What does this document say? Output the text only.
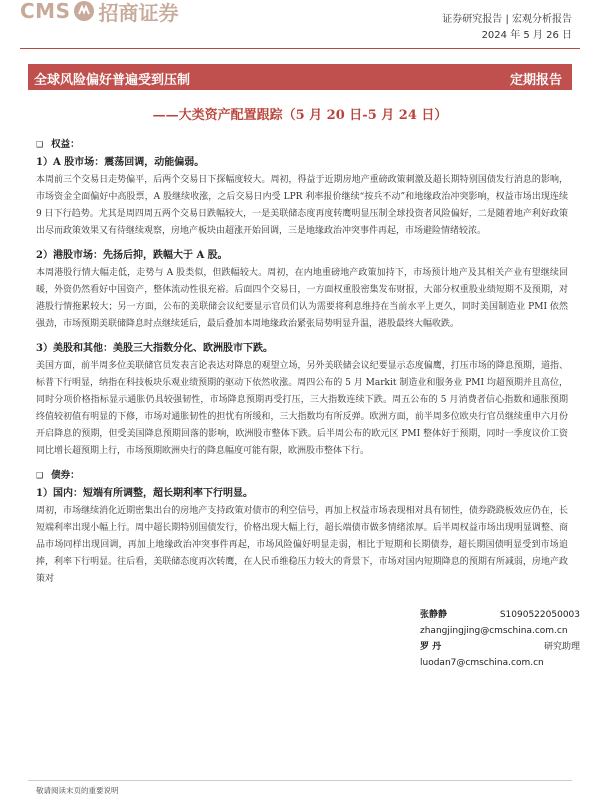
CMS 招商证券	证券研究报告 | 宏观分析报告
2024 年 5 月 26 日
全球风险偏好普遍受到压制	定期报告
——大类资产配置跟踪（5 月 20 日-5 月 24 日）
❑ 权益：
1）A 股市场：震荡回调，动能偏弱。

本周前三个交易日走势偏平，后两个交易日下探幅度较大。周初，得益于近期房地产重磅政策刺激及超长期特别国债发行消息的影响，市场资金全面偏好中高股票，A 股继续收涨，之后交易日内受 LPR 利率报价继续“按兵不动”和地缘政治冲突影响，权益市场出现连续 9 日下行趋势。尤其是周四周五两个交易日跌幅较大，一是美联储态度再度转鹰明显压制全球投资者风险偏好，二是随着地产利好政策出尽而政策效果又有待继续观察，房地产板块由超涨开始回调，三是地缘政治冲突事件再起，市场避险情绪较浓。

2）港股市场：先扬后抑，跌幅大于 A 股。

本周港股行情大幅走低，走势与 A 股类似，但跌幅较大。周初，在内地重磅地产政策加持下，市场预计地产及其相关产业有望继续回暖，外资仍然看好中国资产，整体流动性很充裕。后面四个交易日，一方面权重股密集发布财报，大部分权重股业绩短期不及预期，对港股行情拖累较大；另一方面，公布的美联储会议纪要显示官员们认为需要将利息维持在当前水平上更久，同时美国制造业 PMI 依然强劲，市场预期美联储降息时点继续延后，最后叠加本周地缘政治紧张局势明显升温，港股最终大幅收跌。

3）美股和其他：美股三大指数分化、欧洲股市下跌。

美国方面，前半周多位美联储官员发表言论表达对降息的观望立场，另外美联储会议纪要显示态度偏鹰，打压市场的降息预期，道指、标普下行明显，纳指在科技板块乐观业绩预期的驱动下依然收涨。周四公布的 5 月 Markit 制造业和服务业 PMI 均超预期并且高位，同时分项价格指标显示通胀仍具较强韧性，市场降息预期再受打压，三大指数连续下跌。周五公布的 5 月消费者信心指数和通胀预期终值较初值有明显的下修，市场对通胀韧性的担忧有所缓和，三大指数均有所反弹。欧洲方面，前半周多位欧央行官员继续重申六月份开启降息的预期，但受美国降息预期回落的影响，欧洲股市整体下跌。后半周公布的欧元区 PMI 整体好于预期，同时一季度议价工资同比增长超预期上行，市场预期欧洲央行的降息幅度可能有限，欧洲股市整体下行。

❑ 债券：
1）国内：短端有所调整，超长期利率下行明显。

周初，市场继续消化近期密集出台的房地产支持政策对债市的利空信号，再加上权益市场表现相对具有韧性，债券跷跷板效应仍在，长短端利率出现小幅上行。周中超长期特别国债发行，价格出现大幅上行，超长端债市做多情绪浓厚。后半周权益市场出现明显调整、商品市场同样出现回调，再加上地缘政治冲突事件再起，市场风险偏好明显走弱，相比于短期和长期债券，超长期国债明显受到市场追捧，利率下行明显。往后看，美联储态度再次转鹰，在人民币维稳压力较大的背景下，市场对国内短期降息的预期有所减弱，房地产政策对

张静静	S1090522050003
zhangjingjing@cmschina.com.cn
罗 丹	研究助理
luodan7@cmschina.com.cn
敬请阅读末页的重要说明
